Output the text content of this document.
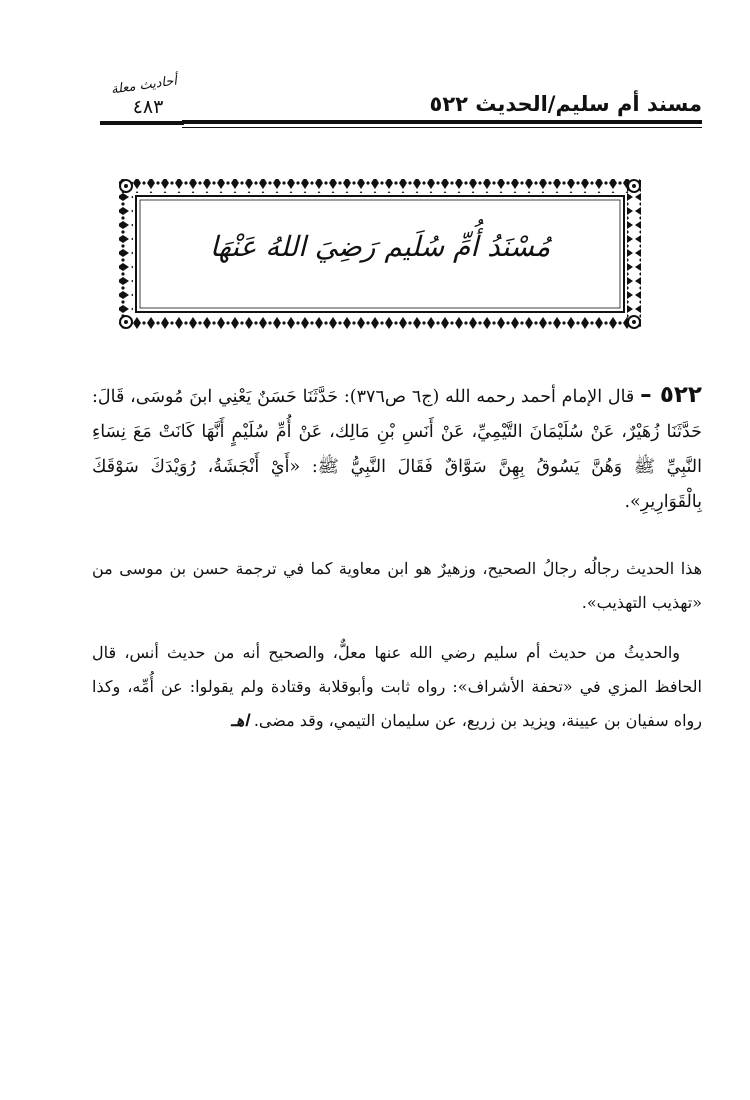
مسند أم سليم/الحديث ٥٢٢
أحاديث معلة
٤٨٣
مُسْنَدُ أُمِّ سُلَيم رَضِيَ اللهُ عَنْهَا
٥٢٢ – قال الإمام أحمد رحمه الله (ج٦ ص٣٧٦): حَدَّثَنَا حَسَنٌ يَعْنِي ابنَ مُوسَى، قَالَ: حَدَّثَنَا زُهَيْرٌ، عَنْ سُلَيْمَانَ التَّيْمِيِّ، عَنْ أَنَسِ بْنِ مَالِك، عَنْ أُمِّ سُلَيْمٍ أَنَّهَا كَانَتْ مَعَ نِسَاءِ النَّبِيِّ ﷺ وَهُنَّ يَسُوقُ بِهِنَّ سَوَّاقٌ فَقَالَ النَّبِيُّ ﷺ: «أَيْ أَنْجَشَةُ، رُوَيْدَكَ سَوْقَكَ بِالْقَوَارِيرِ».
هذا الحديث رجالُه رجالُ الصحيح، وزهيرٌ هو ابن معاوية كما في ترجمة حسن بن موسى من «تهذيب التهذيب».
والحديثُ من حديث أم سليم رضي الله عنها معلٌّ، والصحيح أنه من حديث أنس، قال الحافظ المزي في «تحفة الأشراف»: رواه ثابت وأبوقلابة وقتادة ولم يقولوا: عن أُمِّه، وكذا رواه سفيان بن عيينة، ويزيد بن زريع، عن سليمان التيمي، وقد مضى. اهـ
